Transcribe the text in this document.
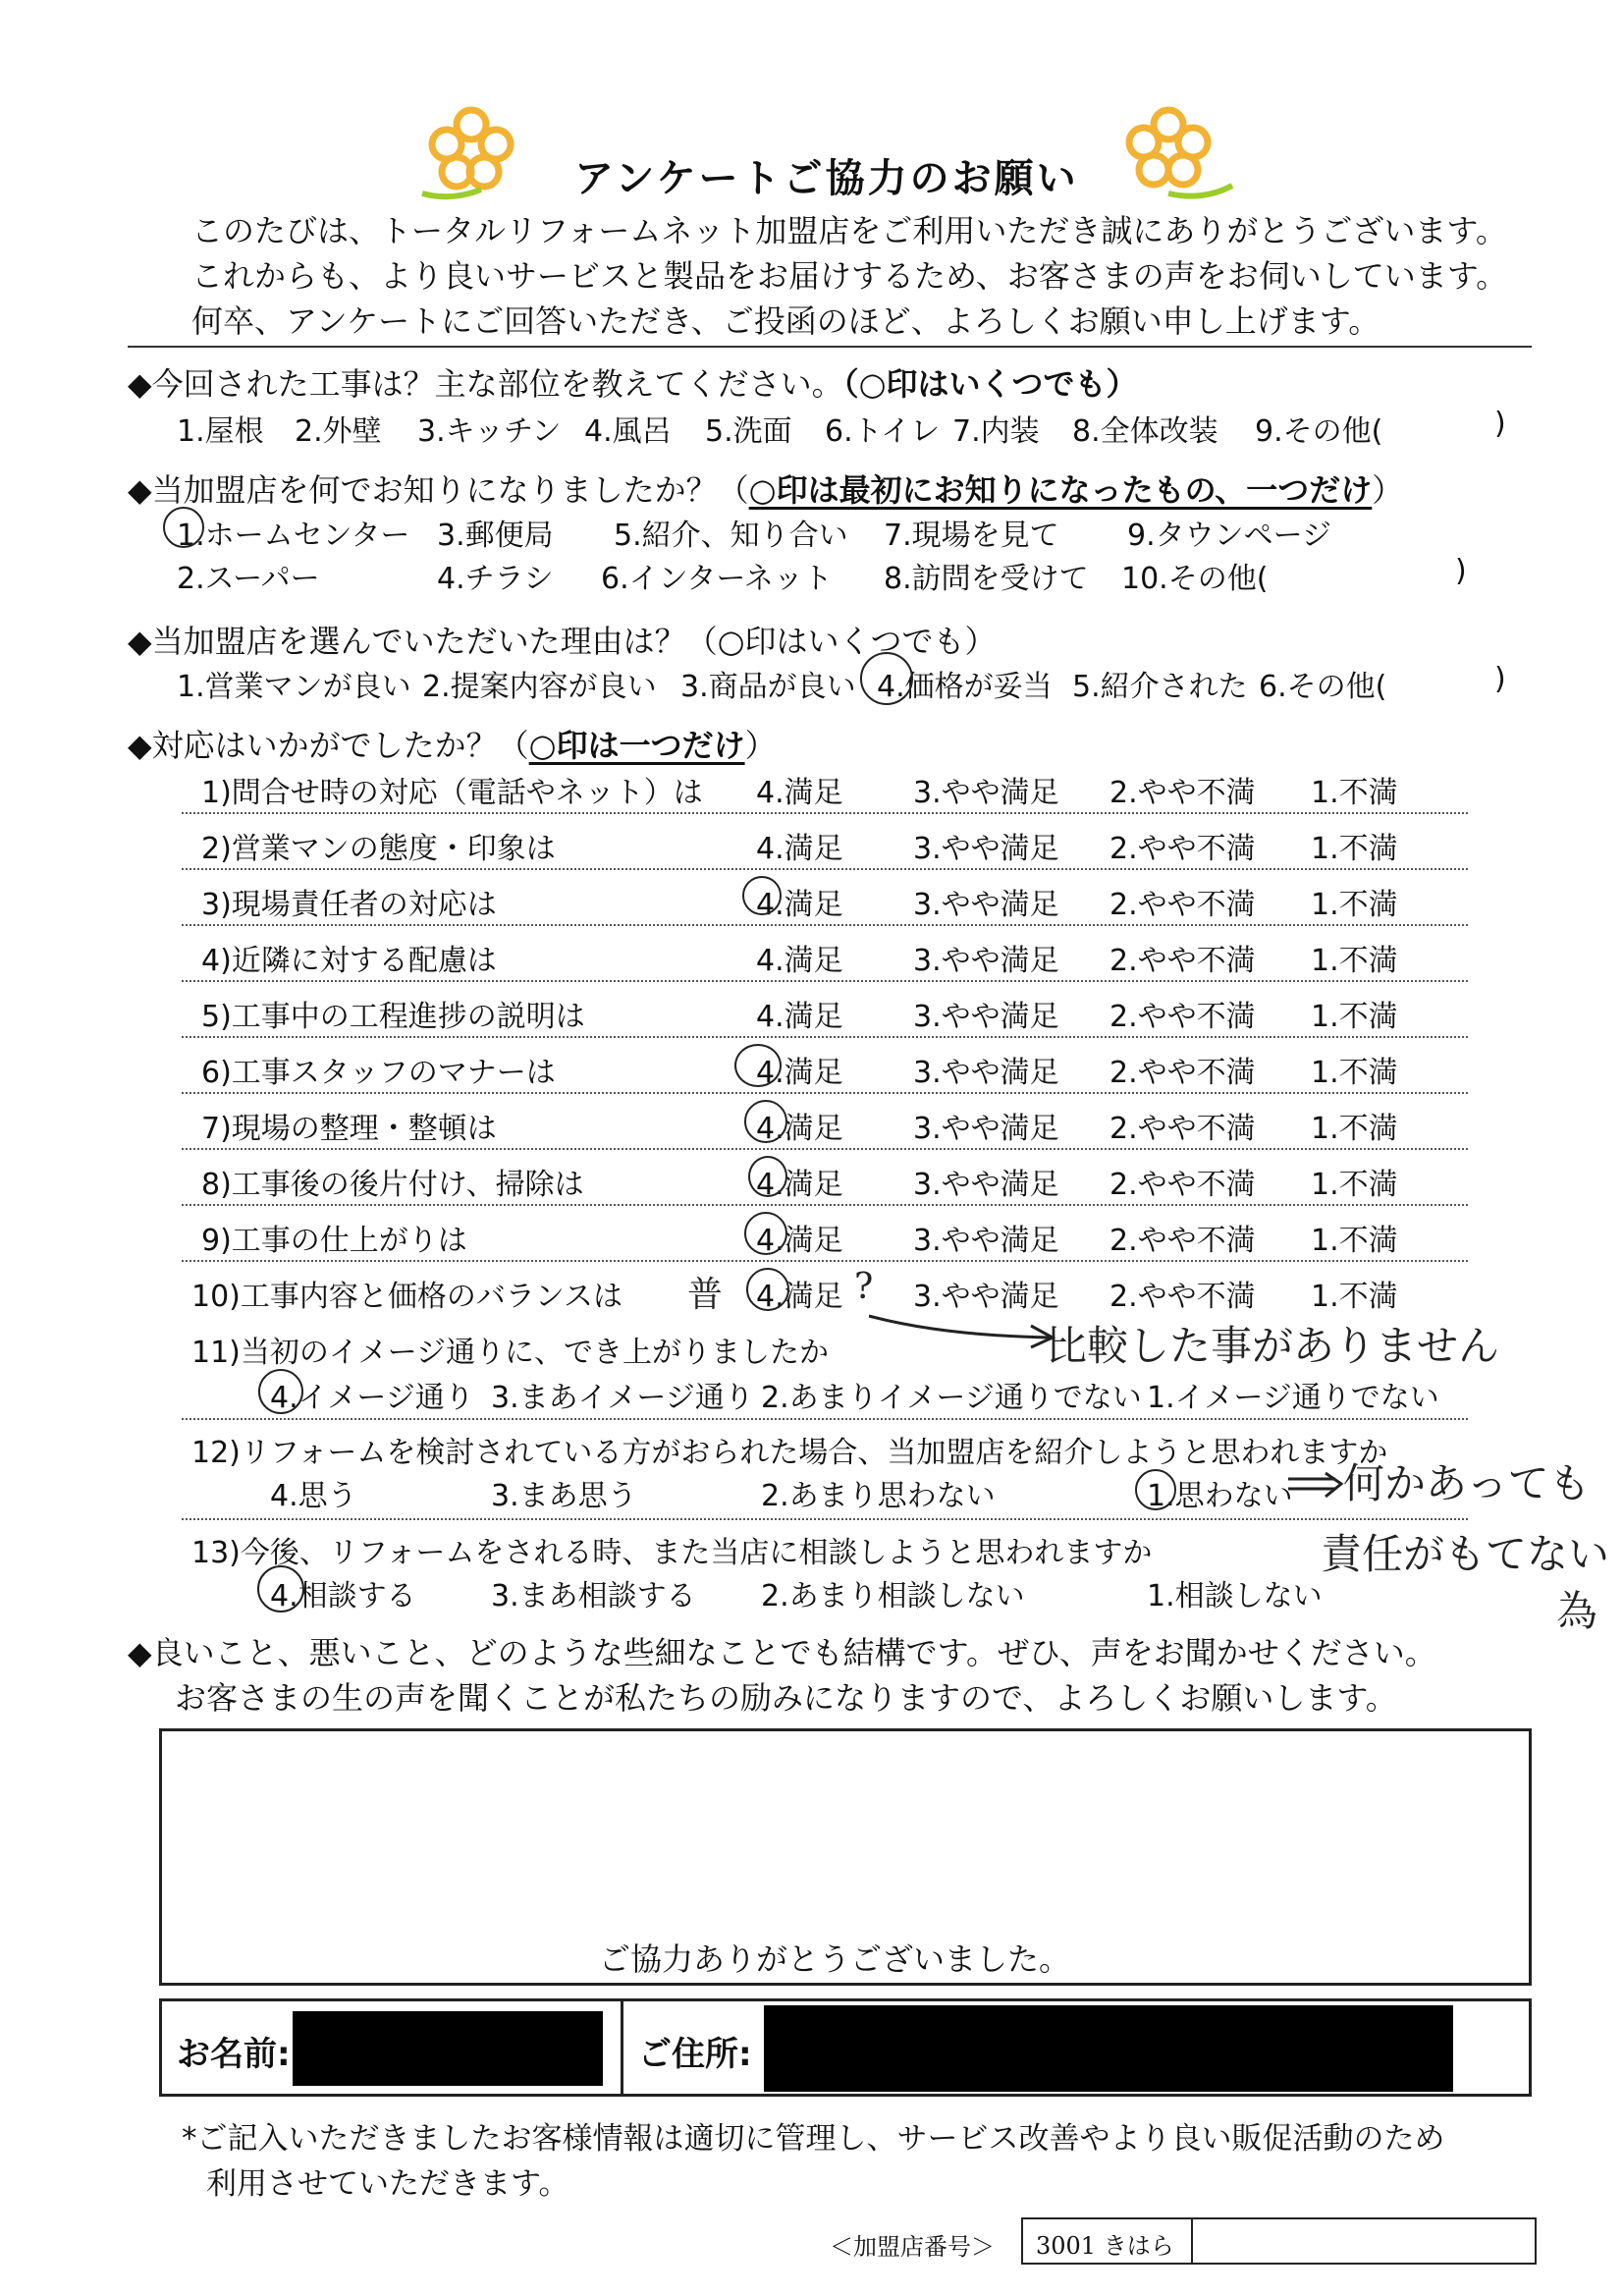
アンケートご協力のお願い
このたびは、トータルリフォームネット加盟店をご利用いただき誠にありがとうございます。
これからも、より良いサービスと製品をお届けするため、お客さまの声をお伺いしています。
何卒、アンケートにご回答いただき、ご投函のほど、よろしくお願い申し上げます。
◆今回された工事は？主な部位を教えてください。（○印はいくつでも）
1.屋根 2.外壁 3.キッチン 4.風呂 5.洗面 6.トイレ 7.内装 8.全体改装 9.その他(	)
◆当加盟店を何でお知りになりましたか？（○印は最初にお知りになったもの、一つだけ）
1.ホームセンター 3.郵便局 5.紹介、知り合い 7.現場を見て 9.タウンページ
2.スーパー	4.チラシ 6.インターネット 8.訪問を受けて 10.その他(	)
◆当加盟店を選んでいただいた理由は？（○印はいくつでも）
1.営業マンが良い 2.提案内容が良い 3.商品が良い 4.価格が妥当 5.紹介された 6.その他(	)
◆対応はいかがでしたか？（○印は一つだけ）
1)問合せ時の対応（電話やネット）は 4.満足 3.やや満足 2.やや不満 1.不満
2)営業マンの態度・印象は	4.満足 3.やや満足 2.やや不満 1.不満
3)現場責任者の対応は	4.満足 3.やや満足 2.やや不満 1.不満
4)近隣に対する配慮は	4.満足 3.やや満足 2.やや不満 1.不満
5)工事中の工程進捗の説明は	4.満足 3.やや満足 2.やや不満 1.不満
6)工事スタッフのマナーは	4.満足 3.やや満足 2.やや不満 1.不満
7)現場の整理・整頓は	4.満足 3.やや満足 2.やや不満 1.不満
8)工事後の後片付け、掃除は	4.満足 3.やや満足 2.やや不満 1.不満
9)工事の仕上がりは	4.満足 3.やや満足 2.やや不満 1.不満
10)工事内容と価格のバランスは	4.満足 3.やや満足 2.やや不満 1.不満
普	?
11)当初のイメージ通りに、でき上がりましたか	比較した事がありません
4.イメージ通り 3.まあイメージ通り 2.あまりイメージ通りでない 1.イメージ通りでない
12)リフォームを検討されている方がおられた場合、当加盟店を紹介しようと思われますか
4.思う	3.まあ思う	2.あまり思わない	1.思わない 何かあっても
13)今後、リフォームをされる時、また当店に相談しようと思われますか	責任がもてない
為
4.相談する	3.まあ相談する 2.あまり相談しない	1.相談しない
◆良いこと、悪いこと、どのような些細なことでも結構です。ぜひ、声をお聞かせください。
お客さまの生の声を聞くことが私たちの励みになりますので、よろしくお願いします。
ご協力ありがとうございました。
お名前:	ご住所:
*ご記入いただきましたお客様情報は適切に管理し、サービス改善やより良い販促活動のため
利用させていただきます。
＜加盟店番号＞ 3001 きはら
